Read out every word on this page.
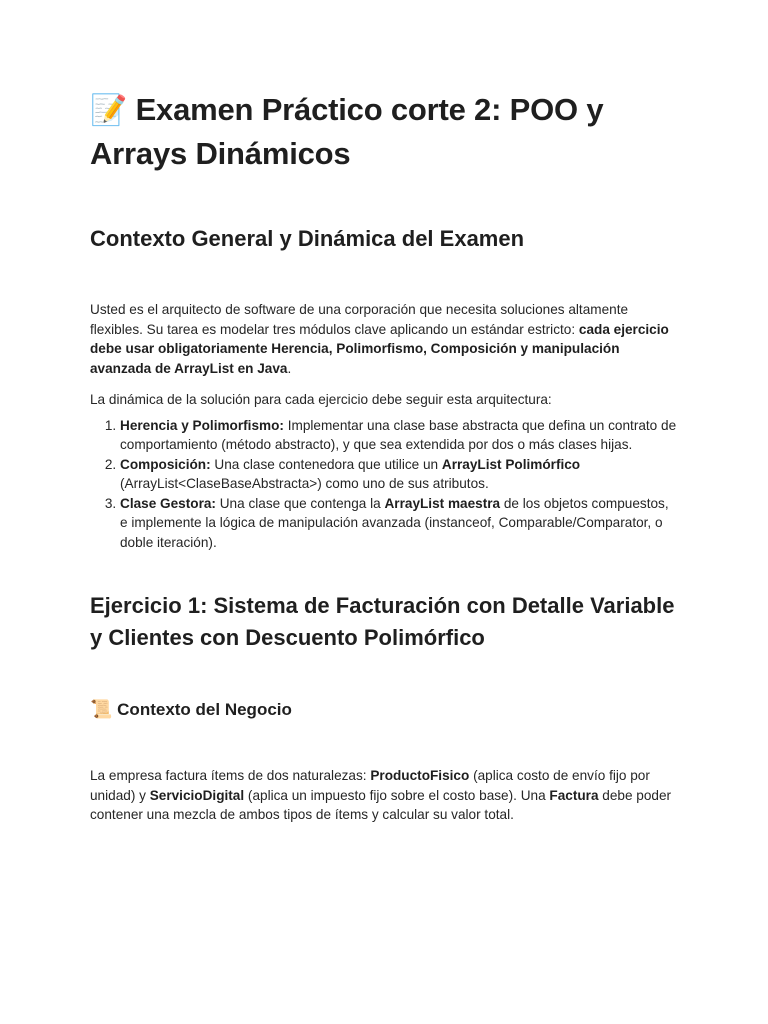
📝 Examen Práctico corte 2: POO y Arrays Dinámicos
Contexto General y Dinámica del Examen

Usted es el arquitecto de software de una corporación que necesita soluciones altamente flexibles. Su tarea es modelar tres módulos clave aplicando un estándar estricto: cada ejercicio debe usar obligatoriamente Herencia, Polimorfismo, Composición y manipulación avanzada de ArrayList en Java.

La dinámica de la solución para cada ejercicio debe seguir esta arquitectura:

1. Herencia y Polimorfismo: Implementar una clase base abstracta que defina un contrato de comportamiento (método abstracto), y que sea extendida por dos o más clases hijas.
2. Composición: Una clase contenedora que utilice un ArrayList Polimórfico (ArrayList<ClaseBaseAbstracta>) como uno de sus atributos.
3. Clase Gestora: Una clase que contenga la ArrayList maestra de los objetos compuestos, e implemente la lógica de manipulación avanzada (instanceof, Comparable/Comparator, o doble iteración).
Ejercicio 1: Sistema de Facturación con Detalle Variable y Clientes con Descuento Polimórfico
📜 Contexto del Negocio

La empresa factura ítems de dos naturalezas: ProductoFisico (aplica costo de envío fijo por unidad) y ServicioDigital (aplica un impuesto fijo sobre el costo base). Una Factura debe poder contener una mezcla de ambos tipos de ítems y calcular su valor total.
